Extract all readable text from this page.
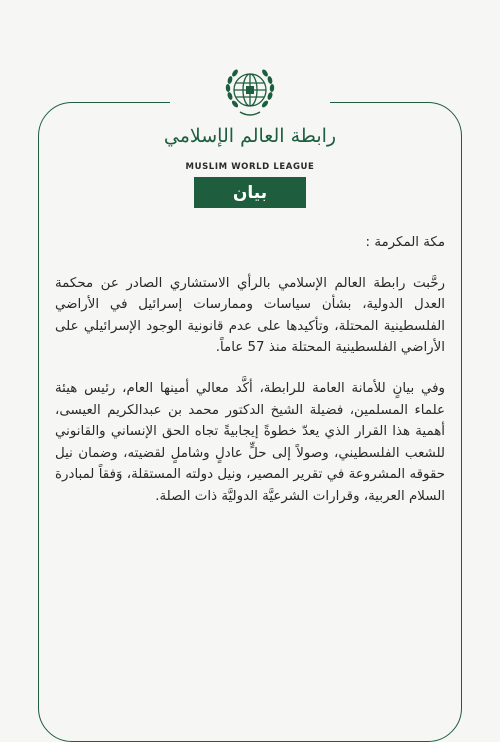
رابطة العالم الإسلامي
MUSLIM WORLD LEAGUE
بيان

مكة المكرمة :

رحَّبت رابطة العالم الإسلامي بالرأي الاستشاري الصادر عن محكمة العدل الدولية، بشأن سياسات وممارسات إسرائيل في الأراضي الفلسطينية المحتلة، وتأكيدها على عدم قانونية الوجود الإسرائيلي على الأراضي الفلسطينية المحتلة منذ 57 عاماً.

وفي بيانٍ للأمانة العامة للرابطة، أكَّد معالي أمينها العام، رئيس هيئة علماء المسلمين، فضيلة الشيخ الدكتور محمد بن عبدالكريم العيسى، أهمية هذا القرار الذي يعدّ خطوةً إيجابيةً تجاه الحق الإنساني والقانوني للشعب الفلسطيني، وصولاً إلى حلٍّ عادلٍ وشاملٍ لقضيته، وضمان نيل حقوقه المشروعة في تقرير المصير، ونيل دولته المستقلة، وَفقاً لمبادرة السلام العربية، وقرارات الشرعيَّة الدوليَّة ذات الصلة.
